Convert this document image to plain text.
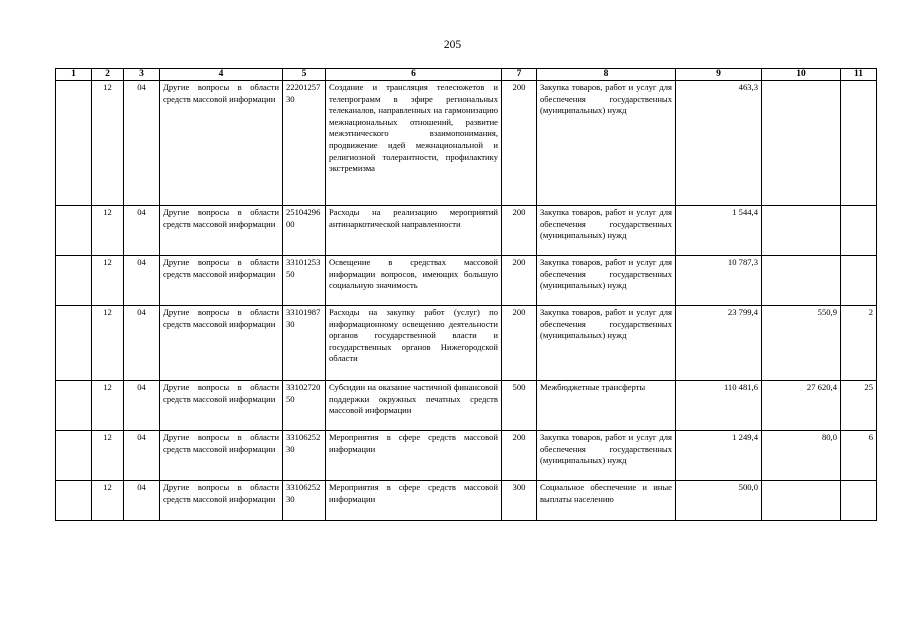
205
1	2	3	4	5	6	7	8	9	10	11
	12	04	Другие вопросы в области средств массовой информации	2220125730	Создание и трансляция телесюжетов и телепрограмм в эфире региональных телеканалов, направленных на гармонизацию межнациональных отношений, развитие межэтнического взаимопонимания, продвижение идей межнациональной и религиозной толерантности, профилактику экстремизма	200	Закупка товаров, работ и услуг для обеспечения государственных (муниципальных) нужд	463,3		
	12	04	Другие вопросы в области средств массовой информации	2510429600	Расходы на реализацию мероприятий антинаркотической направленности	200	Закупка товаров, работ и услуг для обеспечения государственных (муниципальных) нужд	1 544,4		
	12	04	Другие вопросы в области средств массовой информации	3310125350	Освещение в средствах массовой информации вопросов, имеющих большую социальную значимость	200	Закупка товаров, работ и услуг для обеспечения государственных (муниципальных) нужд	10 787,3		
	12	04	Другие вопросы в области средств массовой информации	3310198730	Расходы на закупку работ (услуг) по информационному освещению деятельности органов государственной власти и государственных органов Нижегородской области	200	Закупка товаров, работ и услуг для обеспечения государственных (муниципальных) нужд	23 799,4	550,9	2
	12	04	Другие вопросы в области средств массовой информации	3310272050	Субсидии на оказание частичной финансовой поддержки окружных печатных средств массовой информации	500	Межбюджетные трансферты	110 481,6	27 620,4	25
	12	04	Другие вопросы в области средств массовой информации	3310625230	Мероприятия в сфере средств массовой информации	200	Закупка товаров, работ и услуг для обеспечения государственных (муниципальных) нужд	1 249,4	80,0	6
	12	04	Другие вопросы в области средств массовой информации	3310625230	Мероприятия в сфере средств массовой информации	300	Социальное обеспечение и иные выплаты населению	500,0		
